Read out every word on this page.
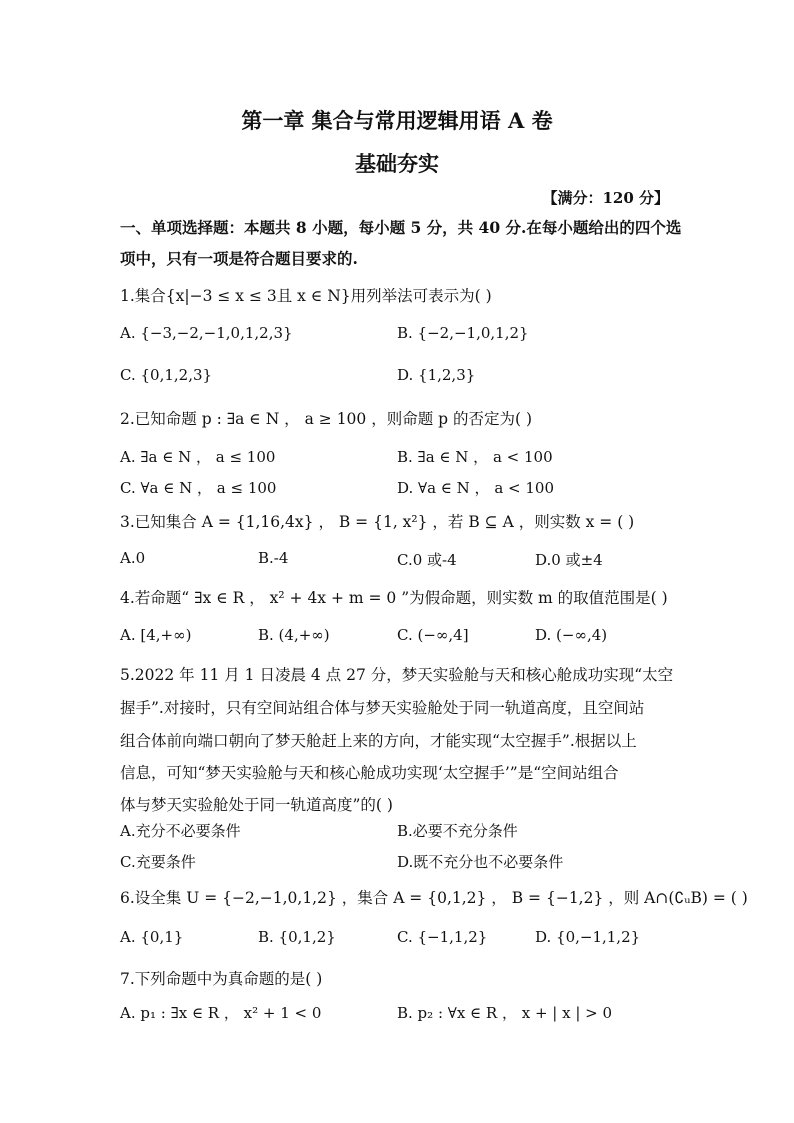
第一章 集合与常用逻辑用语 A 卷
基础夯实
【满分：120 分】
一、单项选择题：本题共 8 小题，每小题 5 分，共 40 分.在每小题给出的四个选
项中，只有一项是符合题目要求的.
1.集合{x|−3 ≤ x ≤ 3且 x ∈ N}用列举法可表示为( )
A. {−3,−2,−1,0,1,2,3}	B. {−2,−1,0,1,2}
C. {0,1,2,3}	D. {1,2,3}
2.已知命题 p : ∃a ∈ N ， a ≥ 100 ，则命题 p 的否定为( )
A. ∃a ∈ N ， a ≤ 100	B. ∃a ∈ N ， a < 100
C. ∀a ∈ N ， a ≤ 100	D. ∀a ∈ N ， a < 100
3.已知集合 A = {1,16,4x} ， B = {1, x²} ，若 B ⊆ A ，则实数 x = ( )
A.0	B.-4	C.0 或-4	D.0 或±4
4.若命题“ ∃x ∈ R ， x² + 4x + m = 0 ”为假命题，则实数 m 的取值范围是( )
A. [4,+∞)	B. (4,+∞)	C. (−∞,4]	D. (−∞,4)
5.2022 年 11 月 1 日凌晨 4 点 27 分，梦天实验舱与天和核心舱成功实现“太空
握手”.对接时，只有空间站组合体与梦天实验舱处于同一轨道高度，且空间站
组合体前向端口朝向了梦天舱赶上来的方向，才能实现“太空握手”.根据以上
信息，可知“梦天实验舱与天和核心舱成功实现‘太空握手’”是“空间站组合
体与梦天实验舱处于同一轨道高度”的( )
A.充分不必要条件	B.必要不充分条件
C.充要条件	D.既不充分也不必要条件
6.设全集 U = {−2,−1,0,1,2} ，集合 A = {0,1,2} ， B = {−1,2} ，则 A∩(∁ᵤB) = ( )
A. {0,1}	B. {0,1,2}	C. {−1,1,2}	D. {0,−1,1,2}
7.下列命题中为真命题的是( )
A. p₁ : ∃x ∈ R ， x² + 1 < 0	B. p₂ : ∀x ∈ R ， x + | x | > 0
